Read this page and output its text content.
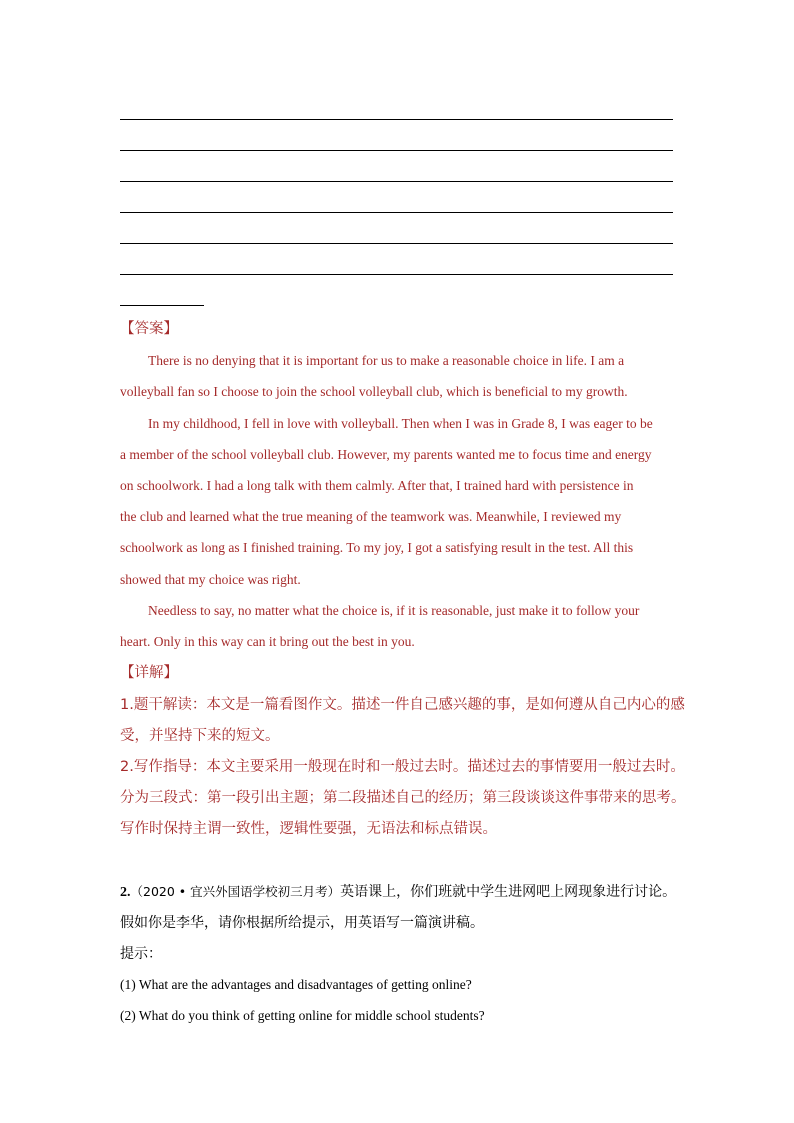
【答案】
There is no denying that it is important for us to make a reasonable choice in life. I am a
volleyball fan so I choose to join the school volleyball club, which is beneficial to my growth.
In my childhood, I fell in love with volleyball. Then when I was in Grade 8, I was eager to be
a member of the school volleyball club. However, my parents wanted me to focus time and energy
on schoolwork. I had a long talk with them calmly. After that, I trained hard with persistence in
the club and learned what the true meaning of the teamwork was. Meanwhile, I reviewed my
schoolwork as long as I finished training. To my joy, I got a satisfying result in the test. All this
showed that my choice was right.
Needless to say, no matter what the choice is, if it is reasonable, just make it to follow your
heart. Only in this way can it bring out the best in you.
【详解】
1.题干解读：本文是一篇看图作文。描述一件自己感兴趣的事，是如何遵从自己内心的感
受，并坚持下来的短文。
2.写作指导：本文主要采用一般现在时和一般过去时。描述过去的事情要用一般过去时。
分为三段式：第一段引出主题；第二段描述自己的经历；第三段谈谈这件事带来的思考。
写作时保持主谓一致性，逻辑性要强，无语法和标点错误。
2.（2020 • 宜兴外国语学校初三月考）英语课上，你们班就中学生进网吧上网现象进行讨论。
假如你是李华，请你根据所给提示，用英语写一篇演讲稿。
提示：
(1) What are the advantages and disadvantages of getting online?
(2) What do you think of getting online for middle school students?
